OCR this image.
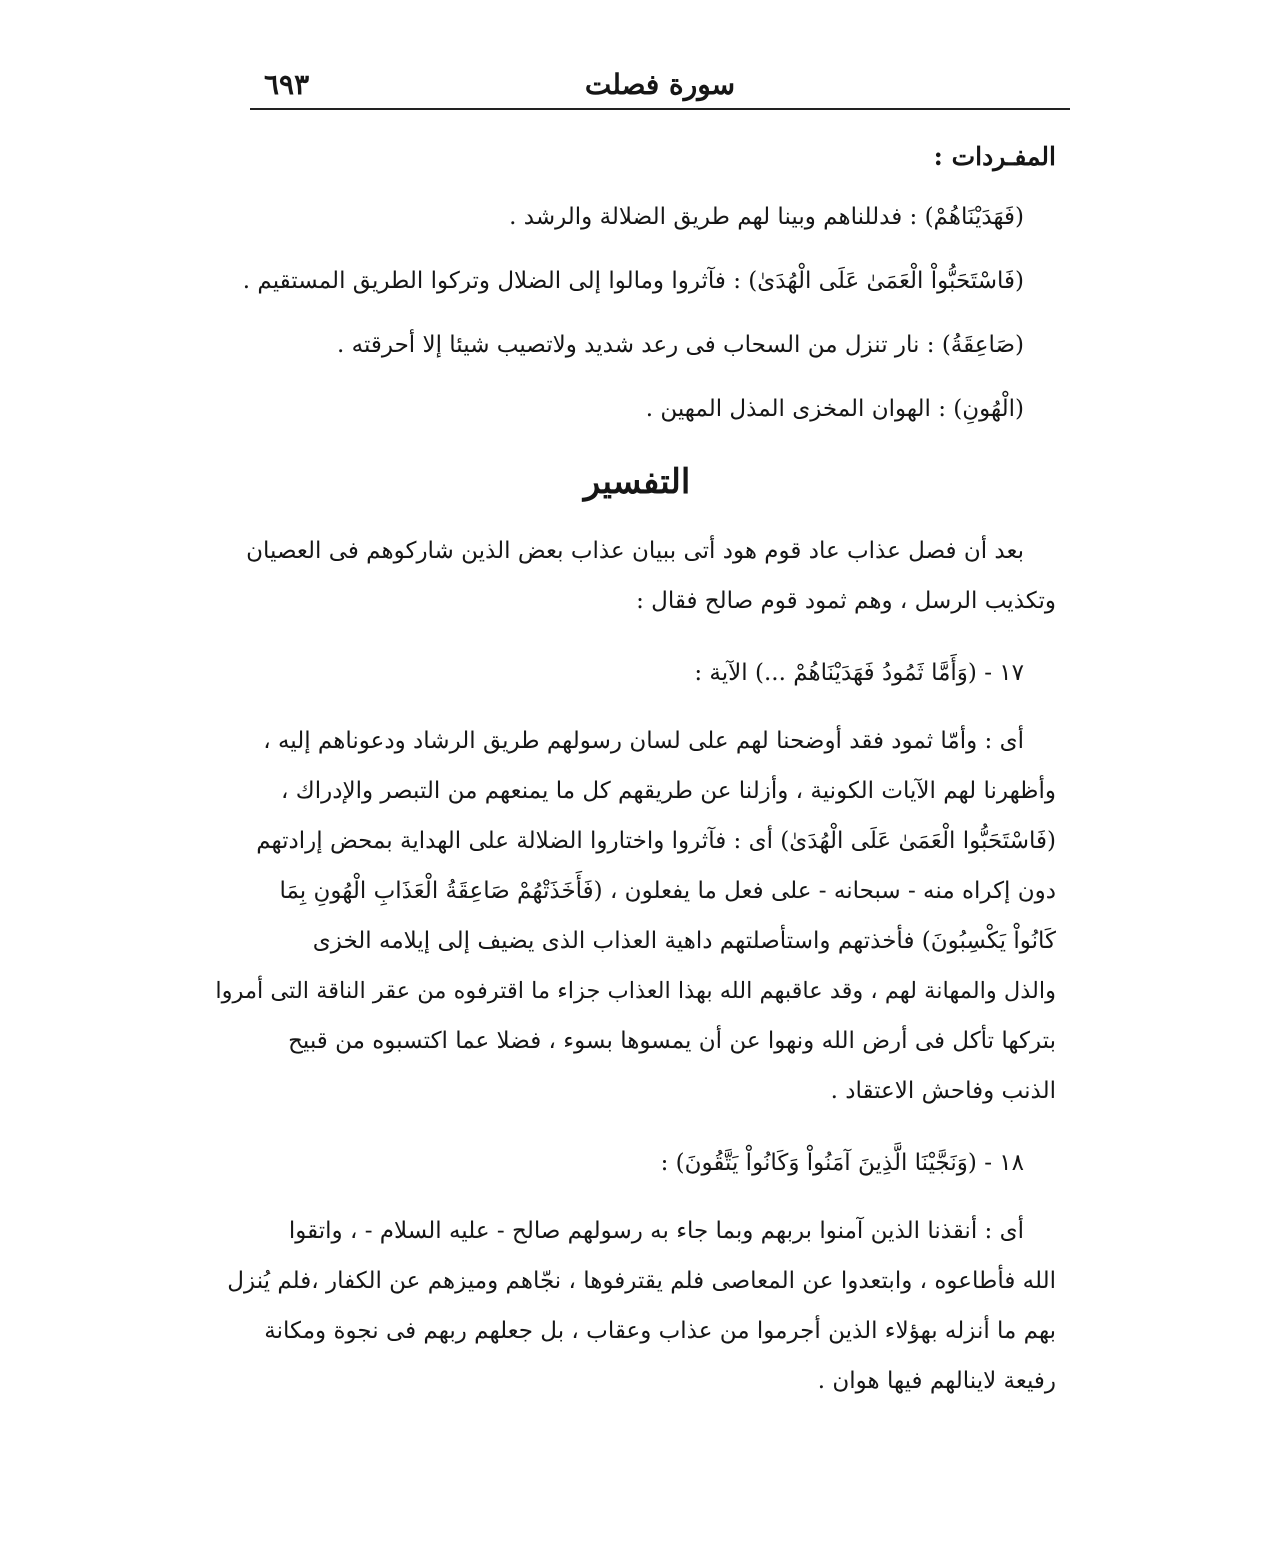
سورة فصلت
٦٩٣
المفـردات :
(فَهَدَيْنَاهُمْ) : فدللناهم وبينا لهم طريق الضلالة والرشد .
(فَاسْتَحَبُّواْ الْعَمَىٰ عَلَى الْهُدَىٰ) : فآثروا ومالوا إلى الضلال وتركوا الطريق المستقيم .
(صَاعِقَةُ) : نار تنزل من السحاب فى رعد شديد ولاتصيب شيئا إلا أحرقته .
(الْهُونِ) : الهوان المخزى المذل المهين .
التفسير
بعد أن فصل عذاب عاد قوم هود أتى ببيان عذاب بعض الذين شاركوهم فى العصيان
وتكذيب الرسل ، وهم ثمود قوم صالح فقال :
١٧ - (وَأَمَّا ثَمُودُ فَهَدَيْنَاهُمْ ...) الآية :
أى : وأمّا ثمود فقد أوضحنا لهم على لسان رسولهم طريق الرشاد ودعوناهم إليه ،
وأظهرنا لهم الآيات الكونية ، وأزلنا عن طريقهم كل ما يمنعهم من التبصر والإدراك ،
(فَاسْتَحَبُّوا الْعَمَىٰ عَلَى الْهُدَىٰ) أى : فآثروا واختاروا الضلالة على الهداية بمحض إرادتهم
دون إكراه منه - سبحانه - على فعل ما يفعلون ، (فَأَخَذَتْهُمْ صَاعِقَةُ الْعَذَابِ الْهُونِ بِمَا
كَانُواْ يَكْسِبُونَ) فأخذتهم واستأصلتهم داهية العذاب الذى يضيف إلى إيلامه الخزى
والذل والمهانة لهم ، وقد عاقبهم الله بهذا العذاب جزاء ما اقترفوه من عقر الناقة التى أمروا
بتركها تأكل فى أرض الله ونهوا عن أن يمسوها بسوء ، فضلا عما اكتسبوه من قبيح
الذنب وفاحش الاعتقاد .
١٨ - (وَنَجَّيْنَا الَّذِينَ آمَنُواْ وَكَانُواْ يَتَّقُونَ) :
أى : أنقذنا الذين آمنوا بربهم وبما جاء به رسولهم صالح - عليه السلام - ، واتقوا
الله فأطاعوه ، وابتعدوا عن المعاصى فلم يقترفوها ، نجّاهم وميزهم عن الكفار ،فلم يُنزل
بهم ما أنزله بهؤلاء الذين أجرموا من عذاب وعقاب ، بل جعلهم ربهم فى نجوة ومكانة
رفيعة لاينالهم فيها هوان .
